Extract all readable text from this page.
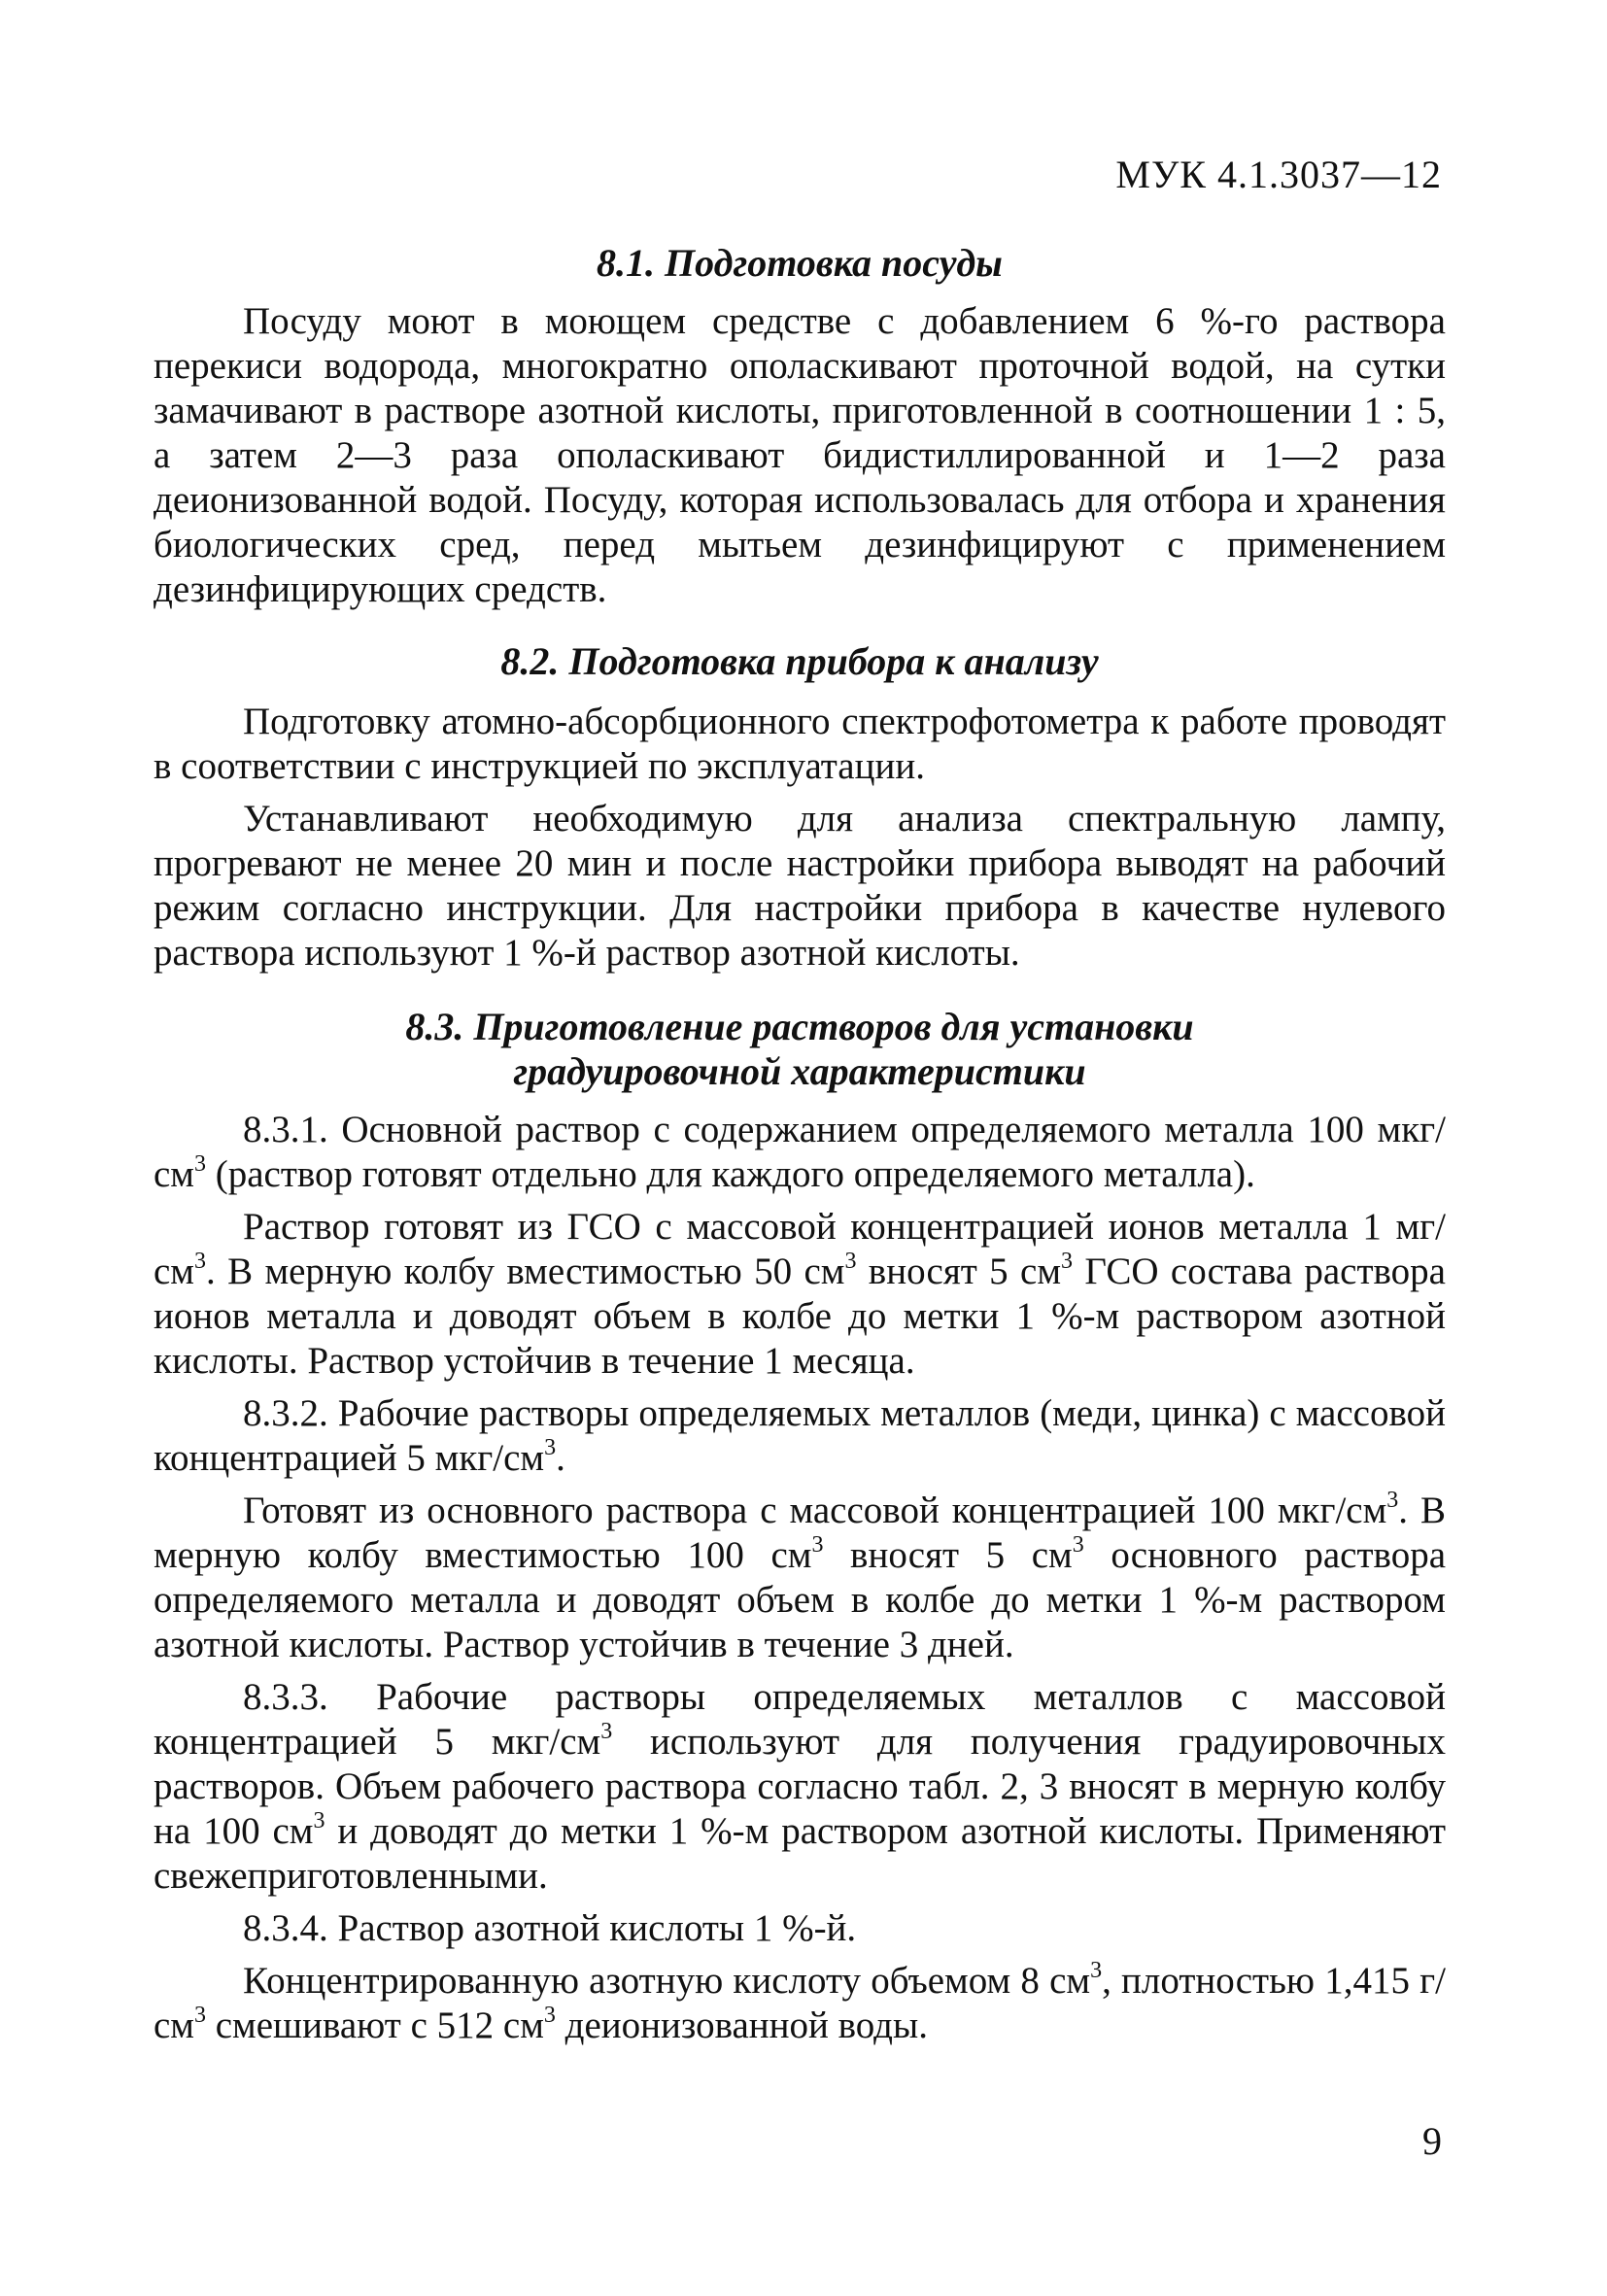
МУК 4.1.3037—12
8.1. Подготовка посуды

Посуду моют в моющем средстве с добавлением 6 %-го раствора перекиси водорода, многократно ополаскивают проточной водой, на сутки замачивают в растворе азотной кислоты, приготовленной в соотношении 1 : 5, а затем 2—3 раза ополаскивают бидистиллированной и 1—2 раза деионизованной водой. Посуду, которая использовалась для отбора и хранения биологических сред, перед мытьем дезинфицируют с применением дезинфицирующих средств.

8.2. Подготовка прибора к анализу

Подготовку атомно-абсорбционного спектрофотометра к работе проводят в соответствии с инструкцией по эксплуатации.

Устанавливают необходимую для анализа спектральную лампу, прогревают не менее 20 мин и после настройки прибора выводят на рабочий режим согласно инструкции. Для настройки прибора в качестве нулевого раствора используют 1 %-й раствор азотной кислоты.

8.3. Приготовление растворов для установки
градуировочной характеристики

8.3.1. Основной раствор с содержанием определяемого металла 100 мкг/$см^3$ (раствор готовят отдельно для каждого определяемого металла).

Раствор готовят из ГСО с массовой концентрацией ионов металла 1 $мг/см^3$. В мерную колбу вместимостью 50 $см^3$ вносят 5 $см^3$ ГСО состава раствора ионов металла и доводят объем в колбе до метки 1 %-м раствором азотной кислоты. Раствор устойчив в течение 1 месяца.

8.3.2. Рабочие растворы определяемых металлов (меди, цинка) с массовой концентрацией 5 мкг/$см^3$.

Готовят из основного раствора с массовой концентрацией 100 мкг/$см^3$. В мерную колбу вместимостью 100 $см^3$ вносят 5 $см^3$ основного раствора определяемого металла и доводят объем в колбе до метки 1 %-м раствором азотной кислоты. Раствор устойчив в течение 3 дней.

8.3.3. Рабочие растворы определяемых металлов с массовой концентрацией 5 мкг/$см^3$ используют для получения градуировочных растворов. Объем рабочего раствора согласно табл. 2, 3 вносят в мерную колбу на 100 $см^3$ и доводят до метки 1 %-м раствором азотной кислоты. Применяют свежеприготовленными.

8.3.4. Раствор азотной кислоты 1 %-й.

Концентрированную азотную кислоту объемом 8 $см^3$, плотностью 1,415 $г/см^3$ смешивают с 512 $см^3$ деионизованной воды.

9
